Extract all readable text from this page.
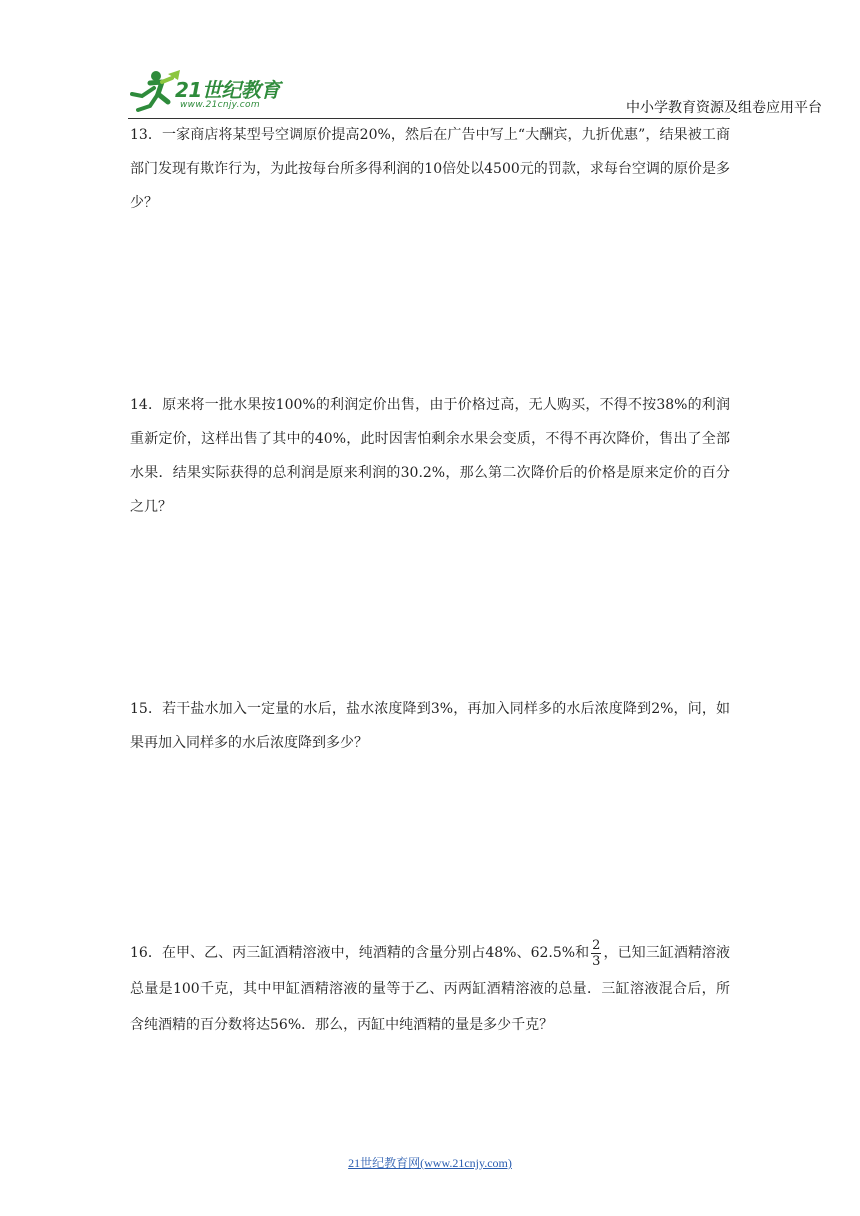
21世纪教育
www.21cnjy.com	中小学教育资源及组卷应用平台
13．一家商店将某型号空调原价提高20%，然后在广告中写上“大酬宾，九折优惠”，结果被工商部门发现有欺诈行为，为此按每台所多得利润的10倍处以4500元的罚款，求每台空调的原价是多少？
14．原来将一批水果按100%的利润定价出售，由于价格过高，无人购买，不得不按38%的利润重新定价，这样出售了其中的40%，此时因害怕剩余水果会变质，不得不再次降价，售出了全部水果．结果实际获得的总利润是原来利润的30.2%，那么第二次降价后的价格是原来定价的百分之几？
15．若干盐水加入一定量的水后，盐水浓度降到3%，再加入同样多的水后浓度降到2%，问，如果再加入同样多的水后浓度降到多少？
16．在甲、乙、丙三缸酒精溶液中，纯酒精的含量分别占48%、62.5%和 $\frac{2}{3}$ ，已知三缸酒精溶液总量是100千克，其中甲缸酒精溶液的量等于乙、丙两缸酒精溶液的总量．三缸溶液混合后，所含纯酒精的百分数将达56%．那么，丙缸中纯酒精的量是多少千克？
21世纪教育网(www.21cnjy.com)
